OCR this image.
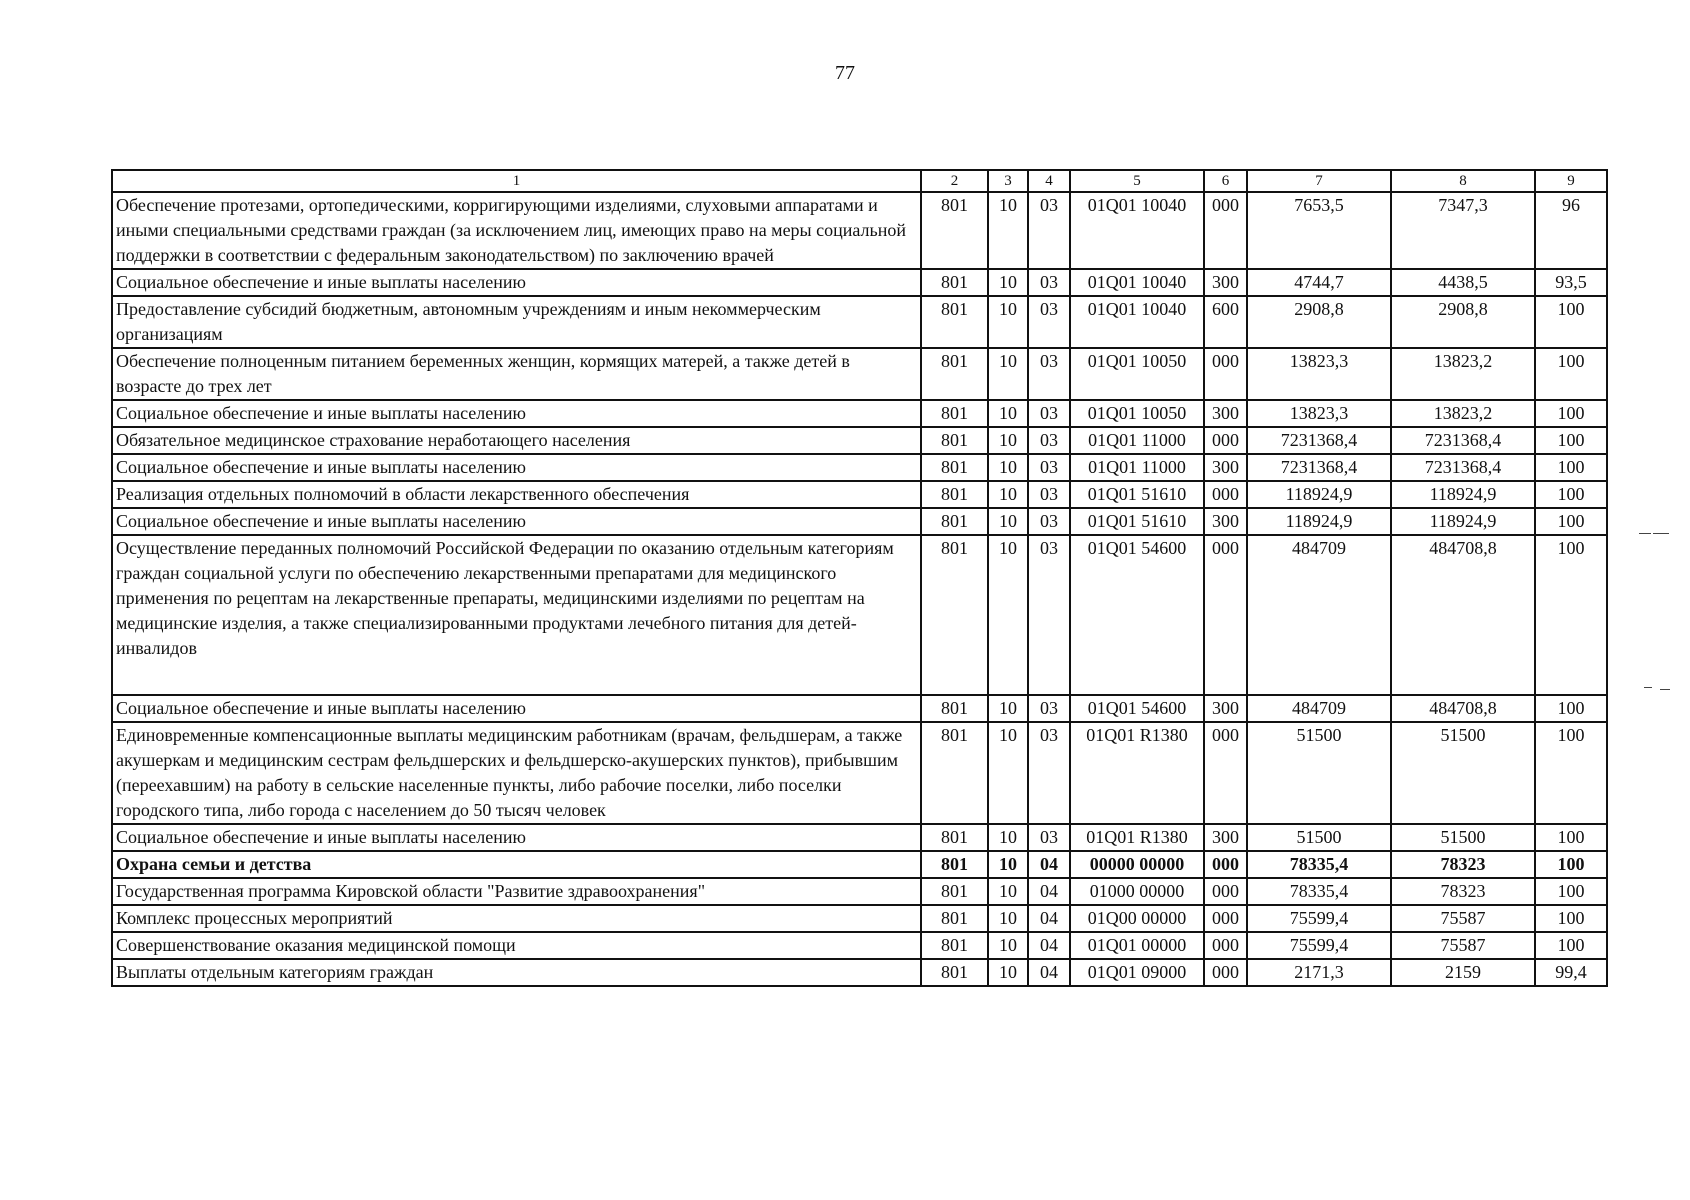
77
1	2	3	4	5	6	7	8	9
Обеспечение протезами, ортопедическими, корригирующими изделиями, слуховыми аппаратами и иными специальными средствами граждан (за исключением лиц, имеющих право на меры социальной поддержки в соответствии с федеральным законодательством) по заключению врачей	801	10	03	01Q01 10040	000	7653,5	7347,3	96
Социальное обеспечение и иные выплаты населению	801	10	03	01Q01 10040	300	4744,7	4438,5	93,5
Предоставление субсидий бюджетным, автономным учреждениям и иным некоммерческим организациям	801	10	03	01Q01 10040	600	2908,8	2908,8	100
Обеспечение полноценным питанием беременных женщин, кормящих матерей, а также детей в возрасте до трех лет	801	10	03	01Q01 10050	000	13823,3	13823,2	100
Социальное обеспечение и иные выплаты населению	801	10	03	01Q01 10050	300	13823,3	13823,2	100
Обязательное медицинское страхование неработающего населения	801	10	03	01Q01 11000	000	7231368,4	7231368,4	100
Социальное обеспечение и иные выплаты населению	801	10	03	01Q01 11000	300	7231368,4	7231368,4	100
Реализация отдельных полномочий в области лекарственного обеспечения	801	10	03	01Q01 51610	000	118924,9	118924,9	100
Социальное обеспечение и иные выплаты населению	801	10	03	01Q01 51610	300	118924,9	118924,9	100
Осуществление переданных полномочий Российской Федерации по оказанию отдельным категориям граждан социальной услуги по обеспечению лекарственными препаратами для медицинского применения по рецептам на лекарственные препараты, медицинскими изделиями по рецептам на медицинские изделия, а также специализированными продуктами лечебного питания для детей-инвалидов	801	10	03	01Q01 54600	000	484709	484708,8	100
Социальное обеспечение и иные выплаты населению	801	10	03	01Q01 54600	300	484709	484708,8	100
Единовременные компенсационные выплаты медицинским работникам (врачам, фельдшерам, а также акушеркам и медицинским сестрам фельдшерских и фельдшерско-акушерских пунктов), прибывшим (переехавшим) на работу в сельские населенные пункты, либо рабочие поселки, либо поселки городского типа, либо города с населением до 50 тысяч человек	801	10	03	01Q01 R1380	000	51500	51500	100
Социальное обеспечение и иные выплаты населению	801	10	03	01Q01 R1380	300	51500	51500	100
Охрана семьи и детства	801	10	04	00000 00000	000	78335,4	78323	100
Государственная программа Кировской области "Развитие здравоохранения"	801	10	04	01000 00000	000	78335,4	78323	100
Комплекс процессных мероприятий	801	10	04	01Q00 00000	000	75599,4	75587	100
Совершенствование оказания медицинской помощи	801	10	04	01Q01 00000	000	75599,4	75587	100
Выплаты отдельным категориям граждан	801	10	04	01Q01 09000	000	2171,3	2159	99,4
